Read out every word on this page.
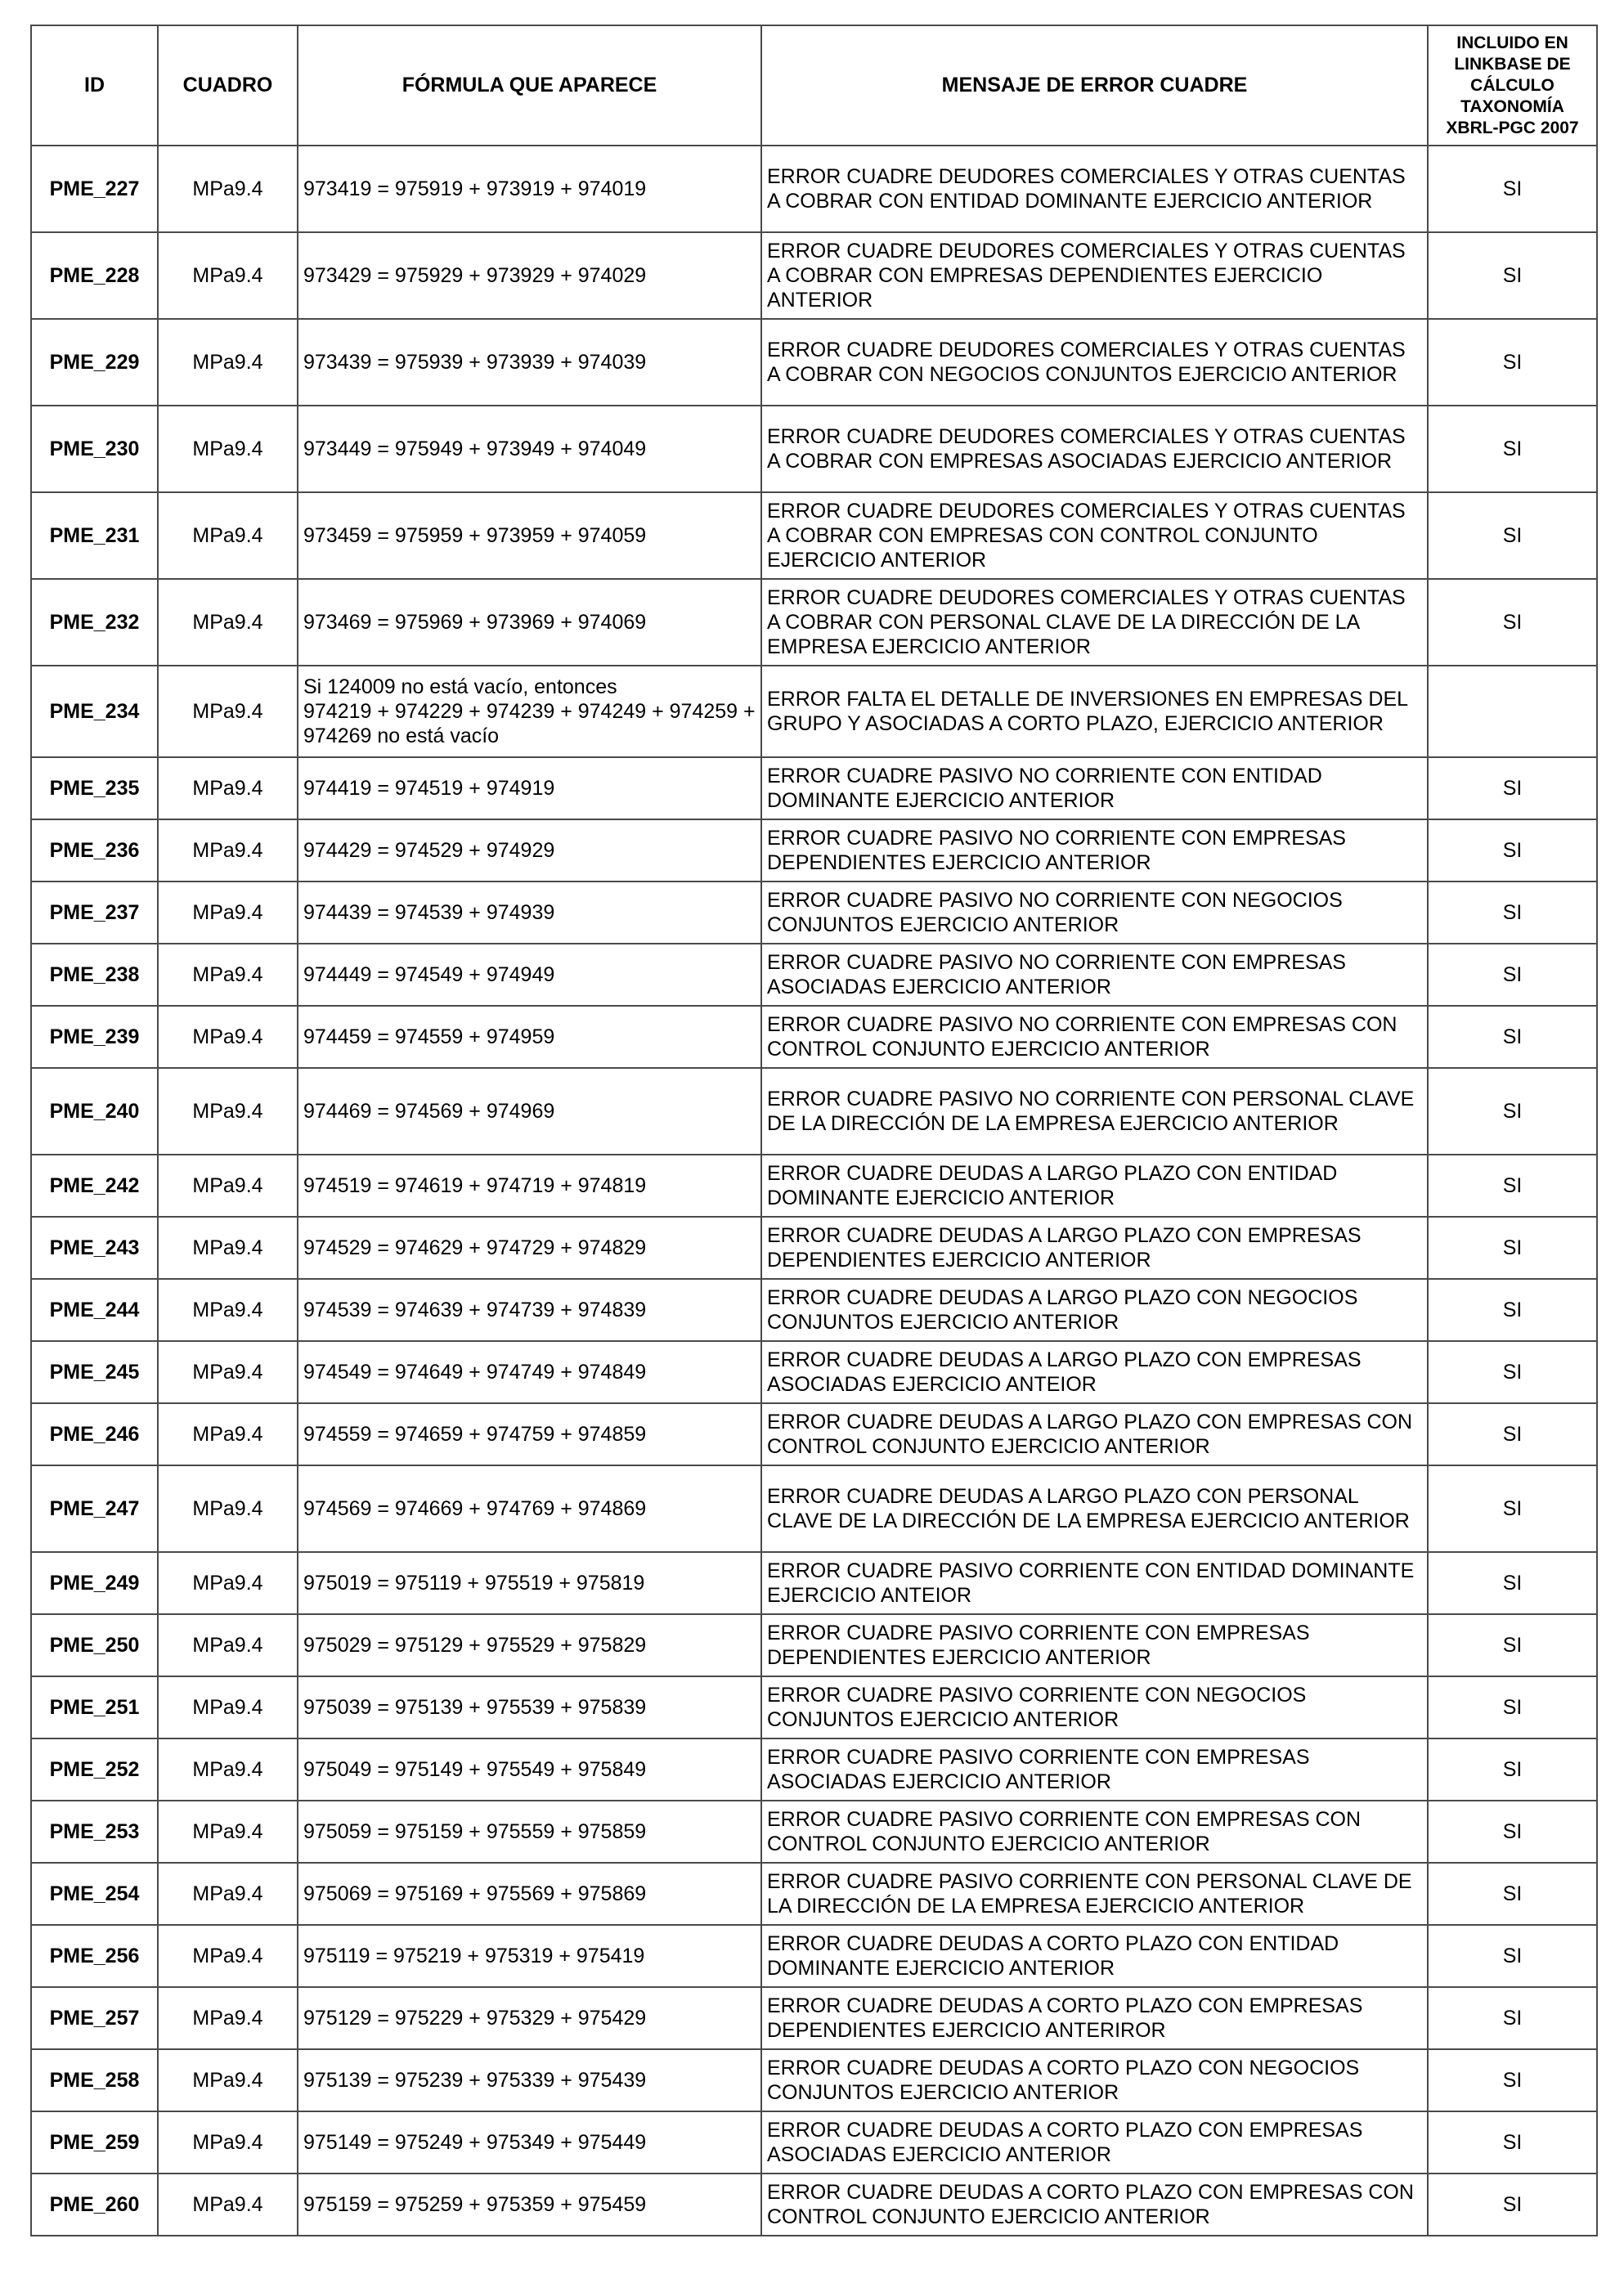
ID	CUADRO	FÓRMULA QUE APARECE	MENSAJE DE ERROR CUADRE	INCLUIDO EN
LINKBASE DE
CÁLCULO
TAXONOMÍA
XBRL-PGC 2007

PME_227	MPa9.4	973419 = 975919 + 973919 + 974019	ERROR CUADRE DEUDORES COMERCIALES Y OTRAS CUENTAS A COBRAR CON ENTIDAD DOMINANTE EJERCICIO ANTERIOR	SI
PME_228	MPa9.4	973429 = 975929 + 973929 + 974029	ERROR CUADRE DEUDORES COMERCIALES Y OTRAS CUENTAS A COBRAR CON EMPRESAS DEPENDIENTES EJERCICIO ANTERIOR	SI
PME_229	MPa9.4	973439 = 975939 + 973939 + 974039	ERROR CUADRE DEUDORES COMERCIALES Y OTRAS CUENTAS A COBRAR CON NEGOCIOS CONJUNTOS EJERCICIO ANTERIOR	SI
PME_230	MPa9.4	973449 = 975949 + 973949 + 974049	ERROR CUADRE DEUDORES COMERCIALES Y OTRAS CUENTAS A COBRAR CON EMPRESAS ASOCIADAS EJERCICIO ANTERIOR	SI
PME_231	MPa9.4	973459 = 975959 + 973959 + 974059	ERROR CUADRE DEUDORES COMERCIALES Y OTRAS CUENTAS A COBRAR CON EMPRESAS CON CONTROL CONJUNTO EJERCICIO ANTERIOR	SI
PME_232	MPa9.4	973469 = 975969 + 973969 + 974069	ERROR CUADRE DEUDORES COMERCIALES Y OTRAS CUENTAS A COBRAR CON PERSONAL CLAVE DE LA DIRECCIÓN DE LA EMPRESA EJERCICIO ANTERIOR	SI
PME_234	MPa9.4	Si 124009 no está vacío, entonces
974219 + 974229 + 974239 + 974249 + 974259 + 974269 no está vacío	ERROR FALTA EL DETALLE DE INVERSIONES EN EMPRESAS DEL GRUPO Y ASOCIADAS A CORTO PLAZO, EJERCICIO ANTERIOR	
PME_235	MPa9.4	974419 = 974519 + 974919	ERROR CUADRE PASIVO NO CORRIENTE CON ENTIDAD DOMINANTE EJERCICIO ANTERIOR	SI
PME_236	MPa9.4	974429 = 974529 + 974929	ERROR CUADRE PASIVO NO CORRIENTE CON EMPRESAS DEPENDIENTES EJERCICIO ANTERIOR	SI
PME_237	MPa9.4	974439 = 974539 + 974939	ERROR CUADRE PASIVO NO CORRIENTE CON NEGOCIOS CONJUNTOS EJERCICIO ANTERIOR	SI
PME_238	MPa9.4	974449 = 974549 + 974949	ERROR CUADRE PASIVO NO CORRIENTE CON EMPRESAS ASOCIADAS EJERCICIO ANTERIOR	SI
PME_239	MPa9.4	974459 = 974559 + 974959	ERROR CUADRE PASIVO NO CORRIENTE CON EMPRESAS CON CONTROL CONJUNTO EJERCICIO ANTERIOR	SI
PME_240	MPa9.4	974469 = 974569 + 974969	ERROR CUADRE PASIVO NO CORRIENTE CON PERSONAL CLAVE DE LA DIRECCIÓN DE LA EMPRESA EJERCICIO ANTERIOR	SI
PME_242	MPa9.4	974519 = 974619 + 974719 + 974819	ERROR CUADRE DEUDAS A LARGO PLAZO CON ENTIDAD DOMINANTE EJERCICIO ANTERIOR	SI
PME_243	MPa9.4	974529 = 974629 + 974729 + 974829	ERROR CUADRE DEUDAS A LARGO PLAZO CON EMPRESAS DEPENDIENTES EJERCICIO ANTERIOR	SI
PME_244	MPa9.4	974539 = 974639 + 974739 + 974839	ERROR CUADRE DEUDAS A LARGO PLAZO CON NEGOCIOS CONJUNTOS EJERCICIO ANTERIOR	SI
PME_245	MPa9.4	974549 = 974649 + 974749 + 974849	ERROR CUADRE DEUDAS A LARGO PLAZO CON EMPRESAS ASOCIADAS EJERCICIO ANTEIOR	SI
PME_246	MPa9.4	974559 = 974659 + 974759 + 974859	ERROR CUADRE DEUDAS A LARGO PLAZO CON EMPRESAS CON CONTROL CONJUNTO EJERCICIO ANTERIOR	SI
PME_247	MPa9.4	974569 = 974669 + 974769 + 974869	ERROR CUADRE DEUDAS A LARGO PLAZO CON PERSONAL CLAVE DE LA DIRECCIÓN DE LA EMPRESA EJERCICIO ANTERIOR	SI
PME_249	MPa9.4	975019 = 975119 + 975519 + 975819	ERROR CUADRE PASIVO CORRIENTE CON ENTIDAD DOMINANTE EJERCICIO ANTEIOR	SI
PME_250	MPa9.4	975029 = 975129 + 975529 + 975829	ERROR CUADRE PASIVO CORRIENTE CON EMPRESAS DEPENDIENTES EJERCICIO ANTERIOR	SI
PME_251	MPa9.4	975039 = 975139 + 975539 + 975839	ERROR CUADRE PASIVO CORRIENTE CON NEGOCIOS CONJUNTOS EJERCICIO ANTERIOR	SI
PME_252	MPa9.4	975049 = 975149 + 975549 + 975849	ERROR CUADRE PASIVO CORRIENTE CON EMPRESAS ASOCIADAS EJERCICIO ANTERIOR	SI
PME_253	MPa9.4	975059 = 975159 + 975559 + 975859	ERROR CUADRE PASIVO CORRIENTE CON EMPRESAS CON CONTROL CONJUNTO EJERCICIO ANTERIOR	SI
PME_254	MPa9.4	975069 = 975169 + 975569 + 975869	ERROR CUADRE PASIVO CORRIENTE CON PERSONAL CLAVE DE LA DIRECCIÓN DE LA EMPRESA EJERCICIO ANTERIOR	SI
PME_256	MPa9.4	975119 = 975219 + 975319 + 975419	ERROR CUADRE DEUDAS A CORTO PLAZO CON ENTIDAD DOMINANTE EJERCICIO ANTERIOR	SI
PME_257	MPa9.4	975129 = 975229 + 975329 + 975429	ERROR CUADRE DEUDAS A CORTO PLAZO CON EMPRESAS DEPENDIENTES EJERCICIO ANTERIROR	SI
PME_258	MPa9.4	975139 = 975239 + 975339 + 975439	ERROR CUADRE DEUDAS A CORTO PLAZO CON NEGOCIOS CONJUNTOS EJERCICIO ANTERIOR	SI
PME_259	MPa9.4	975149 = 975249 + 975349 + 975449	ERROR CUADRE DEUDAS A CORTO PLAZO CON EMPRESAS ASOCIADAS EJERCICIO ANTERIOR	SI
PME_260	MPa9.4	975159 = 975259 + 975359 + 975459	ERROR CUADRE DEUDAS A CORTO PLAZO CON EMPRESAS CON CONTROL CONJUNTO EJERCICIO ANTERIOR	SI
